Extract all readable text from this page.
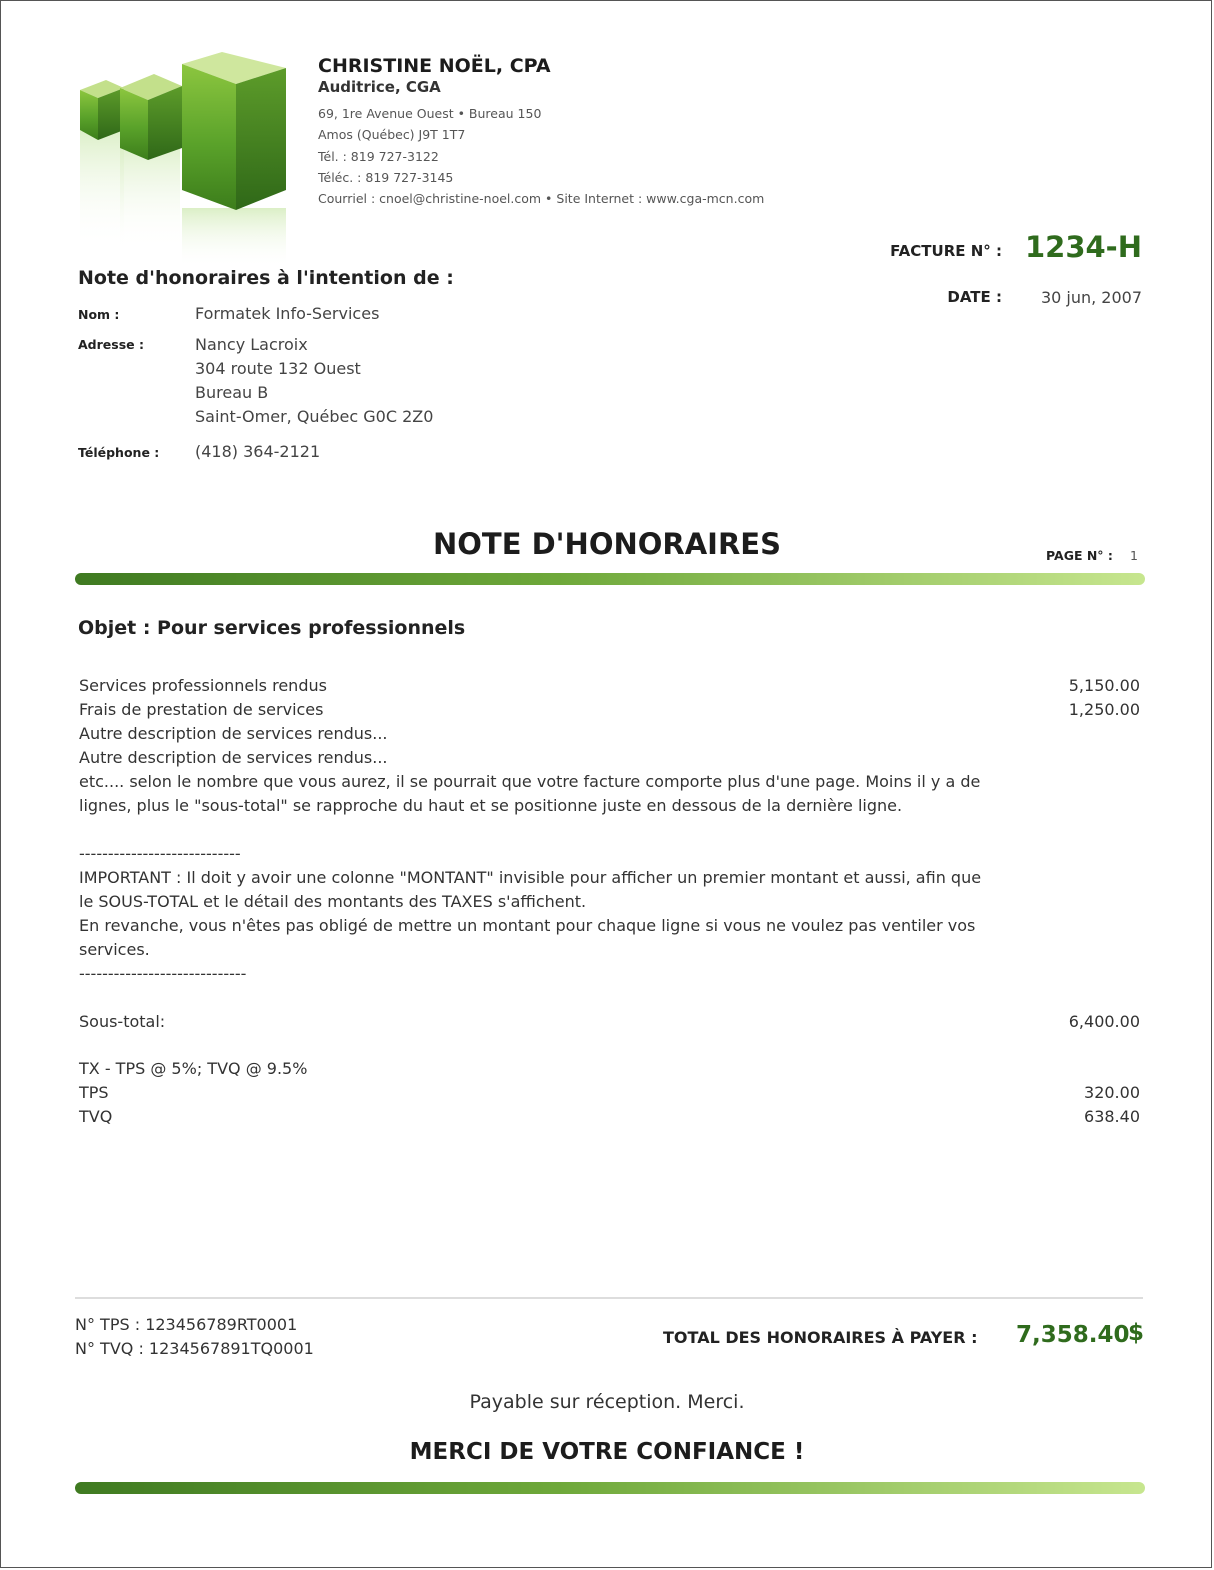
CHRISTINE NOËL, CPA
Auditrice, CGA
69, 1re Avenue Ouest • Bureau 150
Amos (Québec) J9T 1T7
Tél. : 819 727-3122
Téléc. : 819 727-3145
Courriel : cnoel@christine-noel.com • Site Internet : www.cga-mcn.com
FACTURE N° : 1234-H
DATE : 30 jun, 2007
Note d'honoraires à l'intention de :
Nom :	Formatek Info-Services
Adresse :	Nancy Lacroix
304 route 132 Ouest
Bureau B
Saint-Omer, Québec G0C 2Z0
Téléphone : (418) 364-2121
NOTE D'HONORAIRES	PAGE N° : 1
Objet : Pour services professionnels
Services professionnels rendus	5,150.00
Frais de prestation de services	1,250.00
Autre description de services rendus...
Autre description de services rendus...
etc.... selon le nombre que vous aurez, il se pourrait que votre facture comporte plus d'une page. Moins il y a de
lignes, plus le "sous-total" se rapproche du haut et se positionne juste en dessous de la dernière ligne.
----------------------------
IMPORTANT : Il doit y avoir une colonne "MONTANT" invisible pour afficher un premier montant et aussi, afin que
le SOUS-TOTAL et le détail des montants des TAXES s'affichent.
En revanche, vous n'êtes pas obligé de mettre un montant pour chaque ligne si vous ne voulez pas ventiler vos
services.
-----------------------------
Sous-total:	6,400.00
TX - TPS @ 5%; TVQ @ 9.5%
TPS	320.00
TVQ	638.40
N° TPS : 123456789RT0001
N° TVQ : 1234567891TQ0001
TOTAL DES HONORAIRES À PAYER : 7,358.40
$
Payable sur réception. Merci.
MERCI DE VOTRE CONFIANCE !
